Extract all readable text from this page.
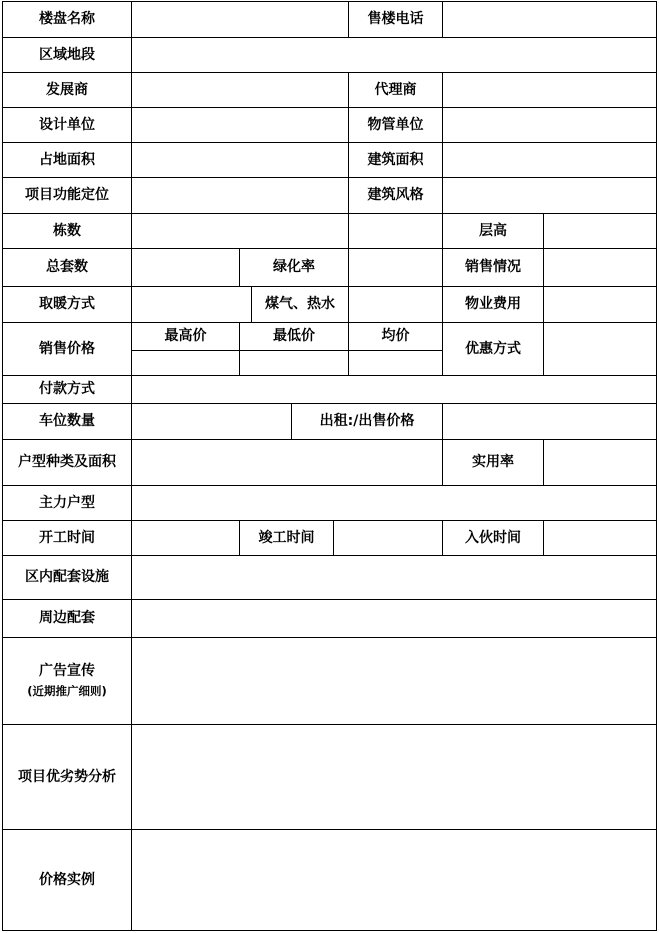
楼盘名称	售楼电话
区域地段
发展商	代理商
设计单位	物管单位
占地面积	建筑面积
项目功能定位	建筑风格
栋数	层高
总套数	绿化率	销售情况
取暖方式	煤气、热水	物业费用
销售价格
最高价	最低价	均价
优惠方式
付款方式
车位数量	出租:/出售价格
户型种类及面积	实用率
主力户型
开工时间	竣工时间	入伙时间
区内配套设施
周边配套
广告宣传
(近期推广细则)
项目优劣势分析
价格实例
